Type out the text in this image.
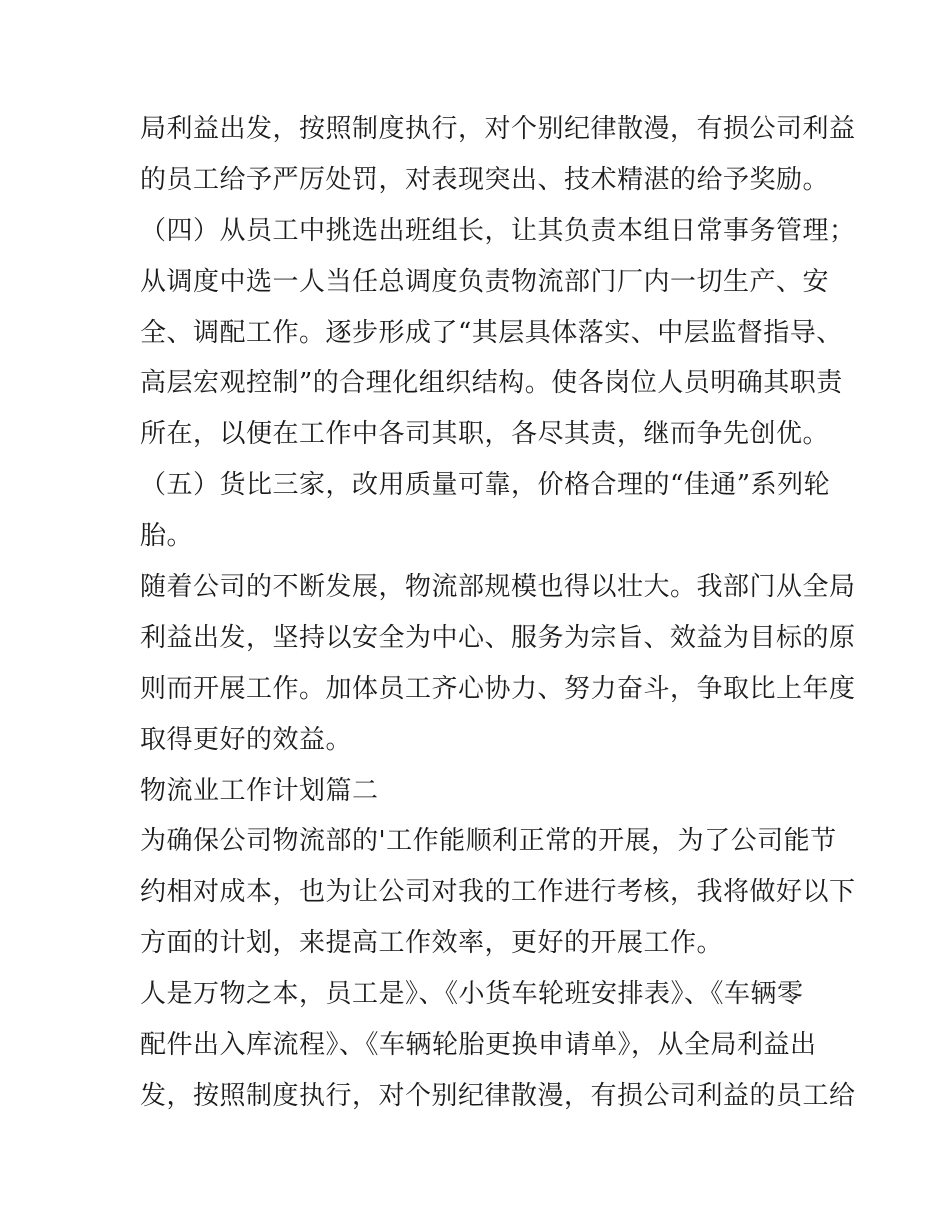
局利益出发，按照制度执行，对个别纪律散漫，有损公司利益
的员工给予严厉处罚，对表现突出、技术精湛的给予奖励。
（四）从员工中挑选出班组长，让其负责本组日常事务管理；
从调度中选一人当任总调度负责物流部门厂内一切生产、安
全、调配工作。逐步形成了“其层具体落实、中层监督指导、
高层宏观控制”的合理化组织结构。使各岗位人员明确其职责
所在，以便在工作中各司其职，各尽其责，继而争先创优。
（五）货比三家，改用质量可靠，价格合理的“佳通”系列轮
胎。
随着公司的不断发展，物流部规模也得以壮大。我部门从全局
利益出发，坚持以安全为中心、服务为宗旨、效益为目标的原
则而开展工作。加体员工齐心协力、努力奋斗，争取比上年度
取得更好的效益。
物流业工作计划篇二
为确保公司物流部的'工作能顺利正常的开展，为了公司能节
约相对成本，也为让公司对我的工作进行考核，我将做好以下
方面的计划，来提高工作效率，更好的开展工作。
人是万物之本，员工是》、《小货车轮班安排表》、《车辆零
配件出入库流程》、《车辆轮胎更换申请单》，从全局利益出
发，按照制度执行，对个别纪律散漫，有损公司利益的员工给
